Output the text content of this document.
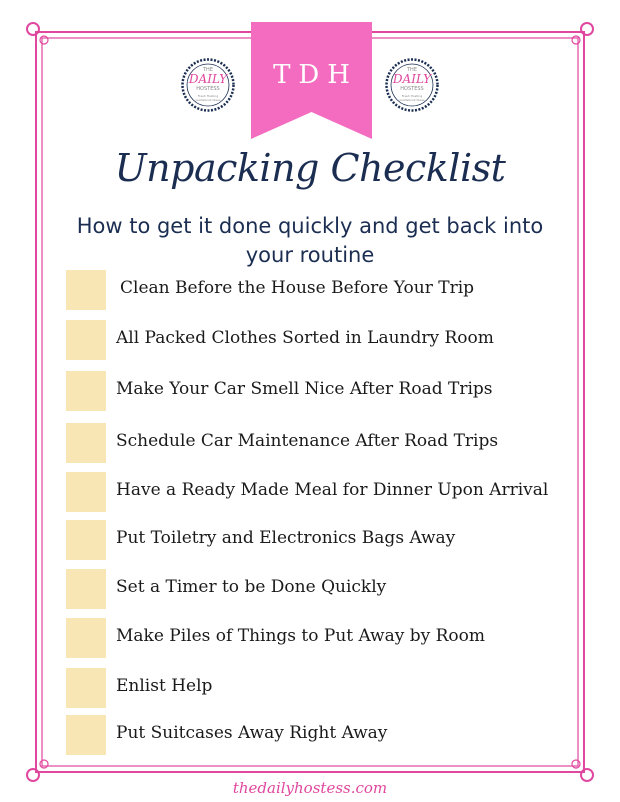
TDH
THE
DAILY
HOSTESS
Fresh Hosting Guidebook Ideas
THE
DAILY
HOSTESS
Fresh Hosting Guidebook Ideas
Unpacking Checklist
How to get it done quickly and get back into your routine
Clean Before the House Before Your Trip
All Packed Clothes Sorted in Laundry Room
Make Your Car Smell Nice After Road Trips
Schedule Car Maintenance After Road Trips
Have a Ready Made Meal for Dinner Upon Arrival
Put Toiletry and Electronics Bags Away
Set a Timer to be Done Quickly
Make Piles of Things to Put Away by Room
Enlist Help
Put Suitcases Away Right Away
thedailyhostess.com
